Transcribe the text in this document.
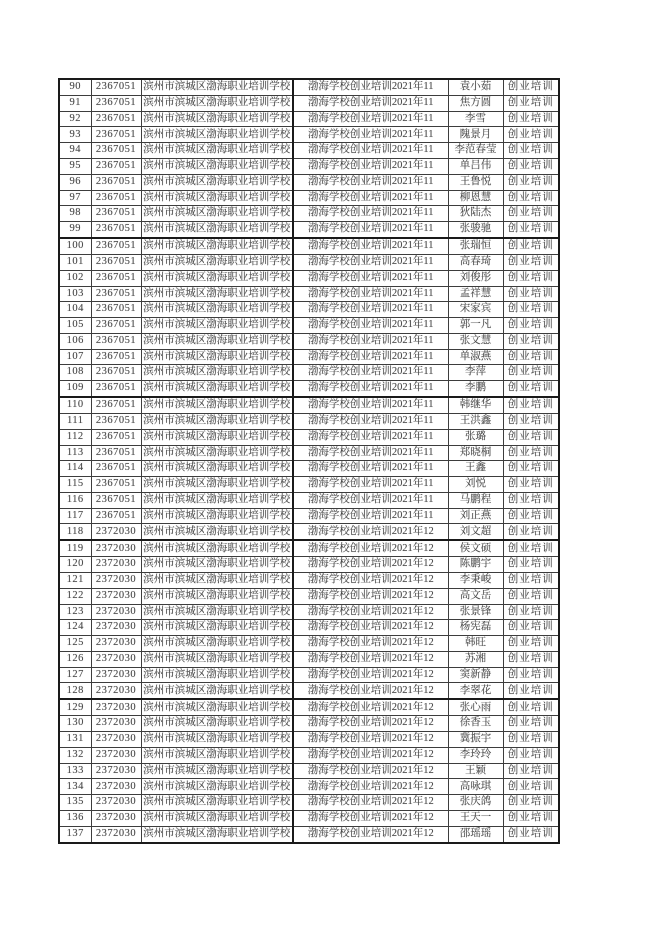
90	2367051	滨州市滨城区渤海职业培训学校	渤海学校创业培训2021年11	袁小茹	创业培训
91	2367051	滨州市滨城区渤海职业培训学校	渤海学校创业培训2021年11	焦方圆	创业培训
92	2367051	滨州市滨城区渤海职业培训学校	渤海学校创业培训2021年11	李雪	创业培训
93	2367051	滨州市滨城区渤海职业培训学校	渤海学校创业培训2021年11	隗景月	创业培训
94	2367051	滨州市滨城区渤海职业培训学校	渤海学校创业培训2021年11	李范春莹	创业培训
95	2367051	滨州市滨城区渤海职业培训学校	渤海学校创业培训2021年11	单吕伟	创业培训
96	2367051	滨州市滨城区渤海职业培训学校	渤海学校创业培训2021年11	王鲁悦	创业培训
97	2367051	滨州市滨城区渤海职业培训学校	渤海学校创业培训2021年11	柳恩慧	创业培训
98	2367051	滨州市滨城区渤海职业培训学校	渤海学校创业培训2021年11	狄陆杰	创业培训
99	2367051	滨州市滨城区渤海职业培训学校	渤海学校创业培训2021年11	张骏驰	创业培训
100	2367051	滨州市滨城区渤海职业培训学校	渤海学校创业培训2021年11	张瑞恒	创业培训
101	2367051	滨州市滨城区渤海职业培训学校	渤海学校创业培训2021年11	高春琦	创业培训
102	2367051	滨州市滨城区渤海职业培训学校	渤海学校创业培训2021年11	刘俊彤	创业培训
103	2367051	滨州市滨城区渤海职业培训学校	渤海学校创业培训2021年11	孟祥慧	创业培训
104	2367051	滨州市滨城区渤海职业培训学校	渤海学校创业培训2021年11	宋家宾	创业培训
105	2367051	滨州市滨城区渤海职业培训学校	渤海学校创业培训2021年11	郭一凡	创业培训
106	2367051	滨州市滨城区渤海职业培训学校	渤海学校创业培训2021年11	张文慧	创业培训
107	2367051	滨州市滨城区渤海职业培训学校	渤海学校创业培训2021年11	单淑燕	创业培训
108	2367051	滨州市滨城区渤海职业培训学校	渤海学校创业培训2021年11	李萍	创业培训
109	2367051	滨州市滨城区渤海职业培训学校	渤海学校创业培训2021年11	李鹏	创业培训
110	2367051	滨州市滨城区渤海职业培训学校	渤海学校创业培训2021年11	韩继华	创业培训
111	2367051	滨州市滨城区渤海职业培训学校	渤海学校创业培训2021年11	王洪鑫	创业培训
112	2367051	滨州市滨城区渤海职业培训学校	渤海学校创业培训2021年11	张璐	创业培训
113	2367051	滨州市滨城区渤海职业培训学校	渤海学校创业培训2021年11	郑晓桐	创业培训
114	2367051	滨州市滨城区渤海职业培训学校	渤海学校创业培训2021年11	王鑫	创业培训
115	2367051	滨州市滨城区渤海职业培训学校	渤海学校创业培训2021年11	刘悦	创业培训
116	2367051	滨州市滨城区渤海职业培训学校	渤海学校创业培训2021年11	马鹏程	创业培训
117	2367051	滨州市滨城区渤海职业培训学校	渤海学校创业培训2021年11	刘正燕	创业培训
118	2372030	滨州市滨城区渤海职业培训学校	渤海学校创业培训2021年12	刘文超	创业培训
119	2372030	滨州市滨城区渤海职业培训学校	渤海学校创业培训2021年12	侯文硕	创业培训
120	2372030	滨州市滨城区渤海职业培训学校	渤海学校创业培训2021年12	陈鹏宇	创业培训
121	2372030	滨州市滨城区渤海职业培训学校	渤海学校创业培训2021年12	李秉峻	创业培训
122	2372030	滨州市滨城区渤海职业培训学校	渤海学校创业培训2021年12	高文岳	创业培训
123	2372030	滨州市滨城区渤海职业培训学校	渤海学校创业培训2021年12	张景锋	创业培训
124	2372030	滨州市滨城区渤海职业培训学校	渤海学校创业培训2021年12	杨宪磊	创业培训
125	2372030	滨州市滨城区渤海职业培训学校	渤海学校创业培训2021年12	韩旺	创业培训
126	2372030	滨州市滨城区渤海职业培训学校	渤海学校创业培训2021年12	苏湘	创业培训
127	2372030	滨州市滨城区渤海职业培训学校	渤海学校创业培训2021年12	窦新静	创业培训
128	2372030	滨州市滨城区渤海职业培训学校	渤海学校创业培训2021年12	李翠花	创业培训
129	2372030	滨州市滨城区渤海职业培训学校	渤海学校创业培训2021年12	张心雨	创业培训
130	2372030	滨州市滨城区渤海职业培训学校	渤海学校创业培训2021年12	徐香玉	创业培训
131	2372030	滨州市滨城区渤海职业培训学校	渤海学校创业培训2021年12	冀振宇	创业培训
132	2372030	滨州市滨城区渤海职业培训学校	渤海学校创业培训2021年12	李玲玲	创业培训
133	2372030	滨州市滨城区渤海职业培训学校	渤海学校创业培训2021年12	王颖	创业培训
134	2372030	滨州市滨城区渤海职业培训学校	渤海学校创业培训2021年12	高咏琪	创业培训
135	2372030	滨州市滨城区渤海职业培训学校	渤海学校创业培训2021年12	张庆鸽	创业培训
136	2372030	滨州市滨城区渤海职业培训学校	渤海学校创业培训2021年12	王天一	创业培训
137	2372030	滨州市滨城区渤海职业培训学校	渤海学校创业培训2021年12	邵瑶瑶	创业培训
